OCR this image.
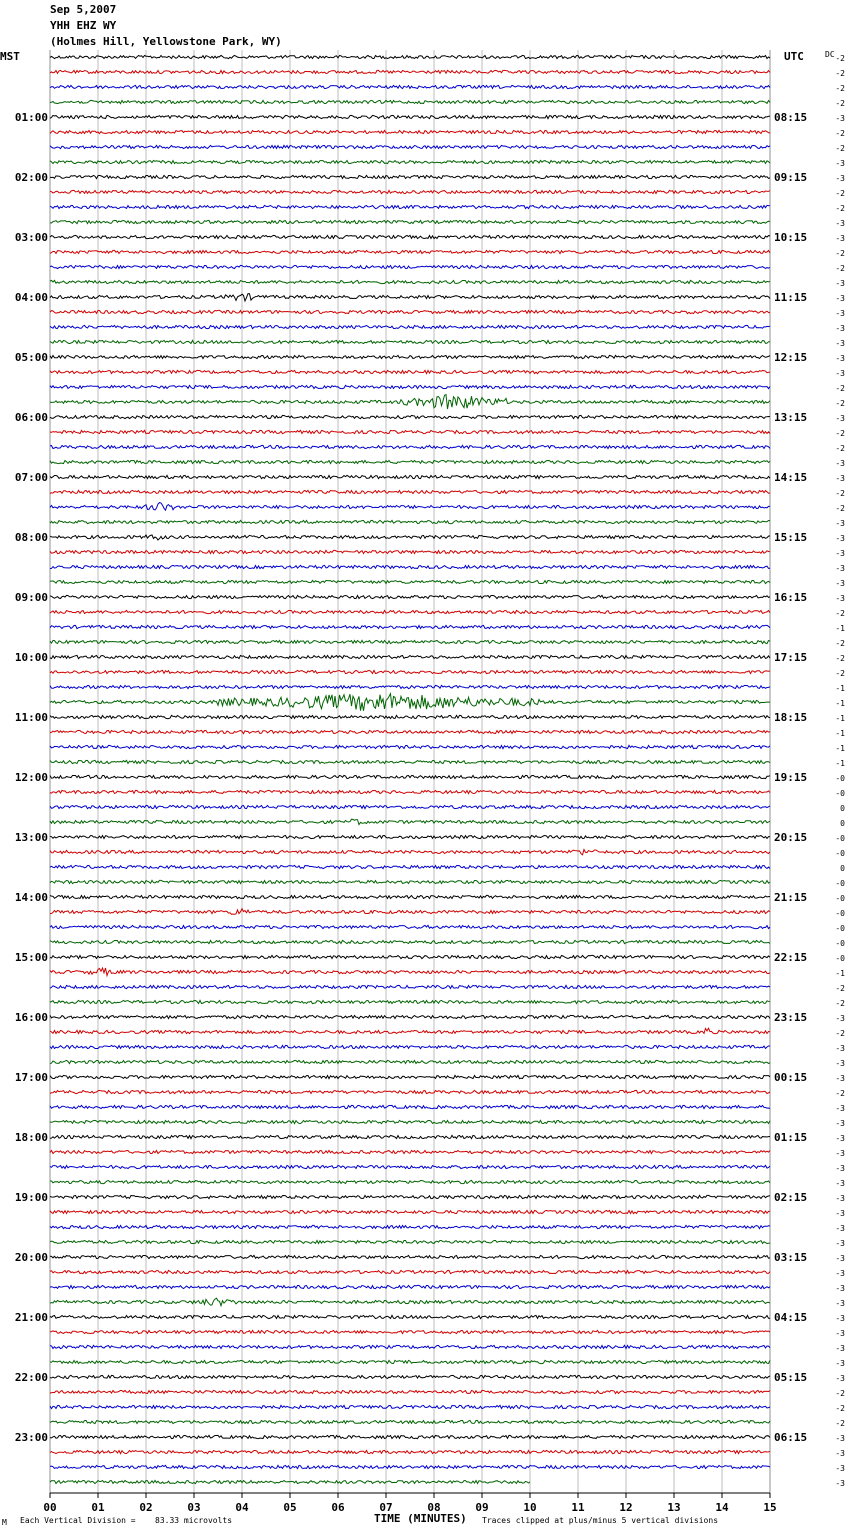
Sep 5,2007
YHH EHZ WY
(Holmes Hill, Yellowstone Park, WY)
MST	UTC	DC
00	01	02	03	04	05	06	07	08	09	10	11	12	13	14	15
-2
-2
-2
-2
-3
01:00	08:15
-2
-2
-3
-3
02:00	09:15
-2
-2
-3
-3
03:00	10:15
-2
-2
-3
-3
04:00	11:15
-3
-3
-3
-3
05:00	12:15
-3
-2
-2
-3
06:00	13:15
-2
-2
-3
-3
07:00	14:15
-2
-2
-3
-3
08:00	15:15
-3
-3
-3
-3
09:00	16:15
-2
-1
-2
-2
10:00	17:15
-2
-1
-1
-1
11:00	18:15
-1
-1
-1
-0
12:00	19:15
-0
0
0
-0
13:00	20:15
-0
0
-0
-0
14:00	21:15
-0
-0
-0
-0
15:00	22:15
-1
-2
-2
-3
16:00	23:15
-2
-3
-3
-3
17:00	00:15
-2
-3
-3
-3
18:00	01:15
-3
-3
-3
-3
19:00	02:15
-3
-3
-3
-3
20:00	03:15
-3
-3
-3
-3
21:00	04:15
-3
-3
-3
-3
22:00	05:15
-2
-2
-2
-3
23:00	06:15
-3
-3
-3
M Each Vertical Division = 83.33 microvolts	TIME (MINUTES) Traces clipped at plus/minus 5 vertical divisions
